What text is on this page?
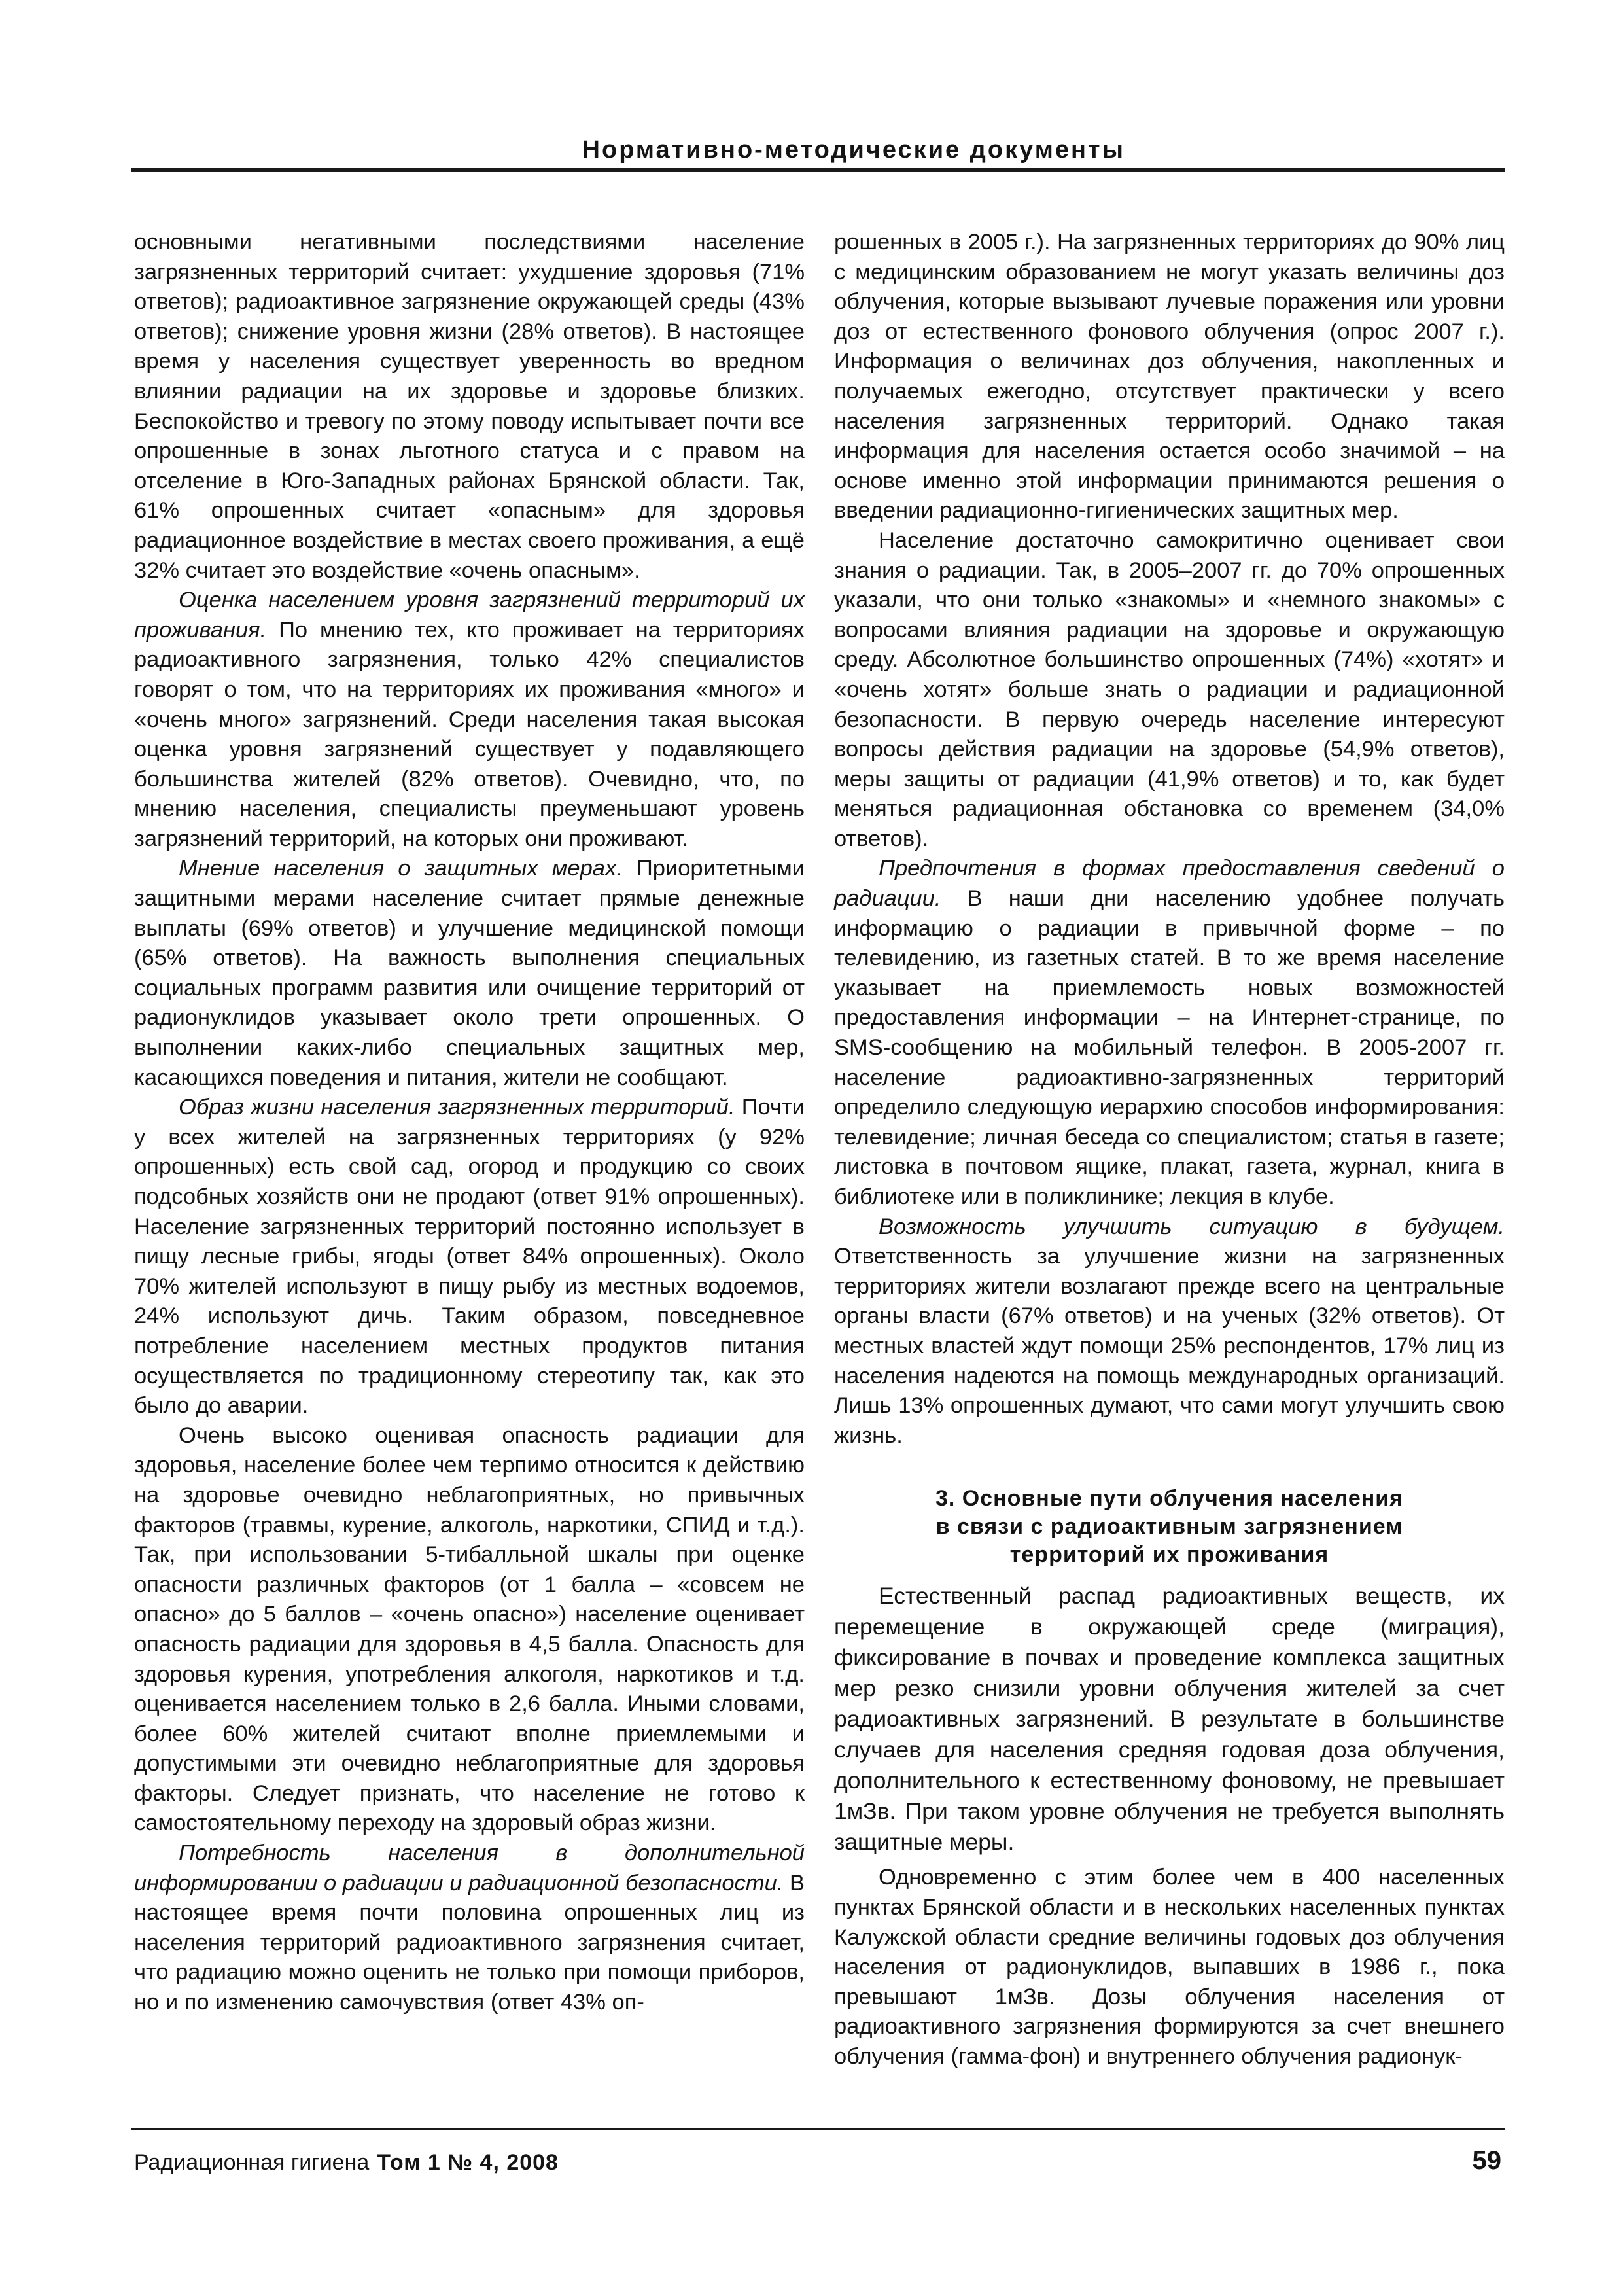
Нормативно-методические документы

основными негативными последствиями население загрязненных территорий считает: ухудшение здоровья (71% ответов); радиоактивное загрязнение окружающей среды (43% ответов); снижение уровня жизни (28% ответов). В настоящее время у населения существует уверенность во вредном влиянии радиации на их здоровье и здоровье близких. Беспокойство и тревогу по этому поводу испытывает почти все опрошенные в зонах льготного статуса и с правом на отселение в Юго-Западных районах Брянской области. Так, 61% опрошенных считает «опасным» для здоровья радиационное воздействие в местах своего проживания, а ещё 32% считает это воздействие «очень опасным».

Оценка населением уровня загрязнений территорий их проживания. По мнению тех, кто проживает на территориях радиоактивного загрязнения, только 42% специалистов говорят о том, что на территориях их проживания «много» и «очень много» загрязнений. Среди населения такая высокая оценка уровня загрязнений существует у подавляющего большинства жителей (82% ответов). Очевидно, что, по мнению населения, специалисты преуменьшают уровень загрязнений территорий, на которых они проживают.

Мнение населения о защитных мерах. Приоритетными защитными мерами население считает прямые денежные выплаты (69% ответов) и улучшение медицинской помощи (65% ответов). На важность выполнения специальных социальных программ развития или очищение территорий от радионуклидов указывает около трети опрошенных. О выполнении каких-либо специальных защитных мер, касающихся поведения и питания, жители не сообщают.

Образ жизни населения загрязненных территорий. Почти у всех жителей на загрязненных территориях (у 92% опрошенных) есть свой сад, огород и продукцию со своих подсобных хозяйств они не продают (ответ 91% опрошенных). Население загрязненных территорий постоянно использует в пищу лесные грибы, ягоды (ответ 84% опрошенных). Около 70% жителей используют в пищу рыбу из местных водоемов, 24% используют дичь. Таким образом, повседневное потребление населением местных продуктов питания осуществляется по традиционному стереотипу так, как это было до аварии.

Очень высоко оценивая опасность радиации для здоровья, население более чем терпимо относится к действию на здоровье очевидно неблагоприятных, но привычных факторов (травмы, курение, алкоголь, наркотики, СПИД и т.д.). Так, при использовании 5-тибалльной шкалы при оценке опасности различных факторов (от 1 балла – «совсем не опасно» до 5 баллов – «очень опасно») население оценивает опасность радиации для здоровья в 4,5 балла. Опасность для здоровья курения, употребления алкоголя, наркотиков и т.д. оценивается населением только в 2,6 балла. Иными словами, более 60% жителей считают вполне приемлемыми и допустимыми эти очевидно неблагоприятные для здоровья факторы. Следует признать, что население не готово к самостоятельному переходу на здоровый образ жизни.

Потребность населения в дополнительной информировании о радиации и радиационной безопасности. В настоящее время почти половина опрошенных лиц из населения территорий радиоактивного загрязнения считает, что радиацию можно оценить не только при помощи приборов, но и по изменению самочувствия (ответ 43% оп-

рошенных в 2005 г.). На загрязненных территориях до 90% лиц с медицинским образованием не могут указать величины доз облучения, которые вызывают лучевые поражения или уровни доз от естественного фонового облучения (опрос 2007 г.). Информация о величинах доз облучения, накопленных и получаемых ежегодно, отсутствует практически у всего населения загрязненных территорий. Однако такая информация для населения остается особо значимой – на основе именно этой информации принимаются решения о введении радиационно-гигиенических защитных мер.

Население достаточно самокритично оценивает свои знания о радиации. Так, в 2005–2007 гг. до 70% опрошенных указали, что они только «знакомы» и «немного знакомы» с вопросами влияния радиации на здоровье и окружающую среду. Абсолютное большинство опрошенных (74%) «хотят» и «очень хотят» больше знать о радиации и радиационной безопасности. В первую очередь население интересуют вопросы действия радиации на здоровье (54,9% ответов), меры защиты от радиации (41,9% ответов) и то, как будет меняться радиационная обстановка со временем (34,0% ответов).

Предпочтения в формах предоставления сведений о радиации. В наши дни населению удобнее получать информацию о радиации в привычной форме – по телевидению, из газетных статей. В то же время население указывает на приемлемость новых возможностей предоставления информации – на Интернет-странице, по SMS-сообщению на мобильный телефон. В 2005-2007 гг. население радиоактивно-загрязненных территорий определило следующую иерархию способов информирования: телевидение; личная беседа со специалистом; статья в газете; листовка в почтовом ящике, плакат, газета, журнал, книга в библиотеке или в поликлинике; лекция в клубе.

Возможность улучшить ситуацию в будущем. Ответственность за улучшение жизни на загрязненных территориях жители возлагают прежде всего на центральные органы власти (67% ответов) и на ученых (32% ответов). От местных властей ждут помощи 25% респондентов, 17% лиц из населения надеются на помощь международных организаций. Лишь 13% опрошенных думают, что сами могут улучшить свою жизнь.

3. Основные пути облучения населения
в связи с радиоактивным загрязнением
территорий их проживания

Естественный распад радиоактивных веществ, их перемещение в окружающей среде (миграция), фиксирование в почвах и проведение комплекса защитных мер резко снизили уровни облучения жителей за счет радиоактивных загрязнений. В результате в большинстве случаев для населения средняя годовая доза облучения, дополнительного к естественному фоновому, не превышает 1мЗв. При таком уровне облучения не требуется выполнять защитные меры.

Одновременно с этим более чем в 400 населенных пунктах Брянской области и в нескольких населенных пунктах Калужской области средние величины годовых доз облучения населения от радионуклидов, выпавших в 1986 г., пока превышают 1мЗв. Дозы облучения населения от радиоактивного загрязнения формируются за счет внешнего облучения (гамма-фон) и внутреннего облучения радионук-

Радиационная гигиена Том 1 № 4, 2008	59
